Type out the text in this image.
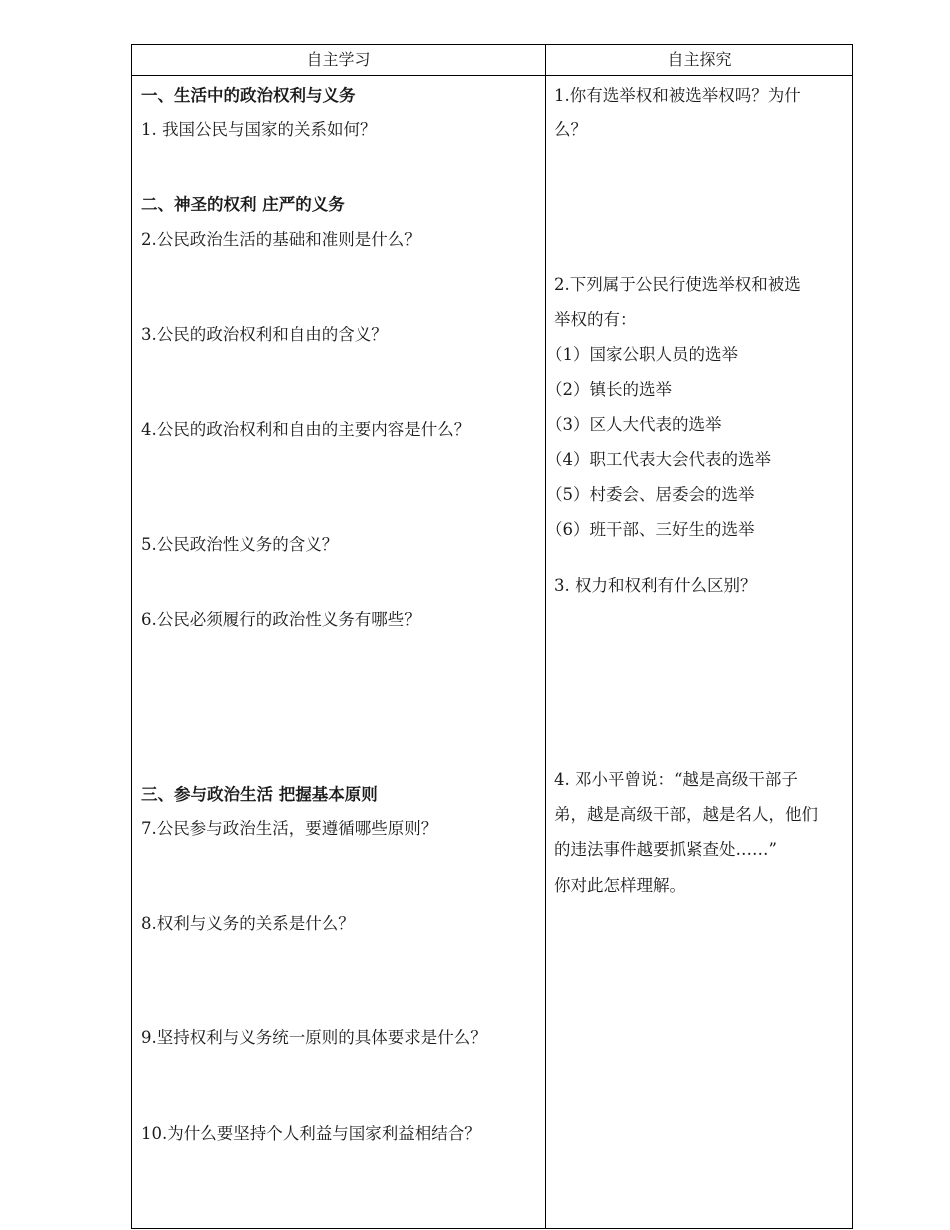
自主学习	自主探究
一、生活中的政治权利与义务
1. 我国公民与国家的关系如何？
二、神圣的权利 庄严的义务
2.公民政治生活的基础和准则是什么？
3.公民的政治权利和自由的含义？
4.公民的政治权利和自由的主要内容是什么？
5.公民政治性义务的含义？
6.公民必须履行的政治性义务有哪些？
三、参与政治生活 把握基本原则
7.公民参与政治生活，要遵循哪些原则？
8.权利与义务的关系是什么？
9.坚持权利与义务统一原则的具体要求是什么？
10.为什么要坚持个人利益与国家利益相结合？
1.你有选举权和被选举权吗？为什
么？
2.下列属于公民行使选举权和被选
举权的有：
（1）国家公职人员的选举
（2）镇长的选举
（3）区人大代表的选举
（4）职工代表大会代表的选举
（5）村委会、居委会的选举
（6）班干部、三好生的选举
3. 权力和权利有什么区别？
4. 邓小平曾说：“越是高级干部子
弟，越是高级干部，越是名人，他们
的违法事件越要抓紧查处……”
你对此怎样理解。
